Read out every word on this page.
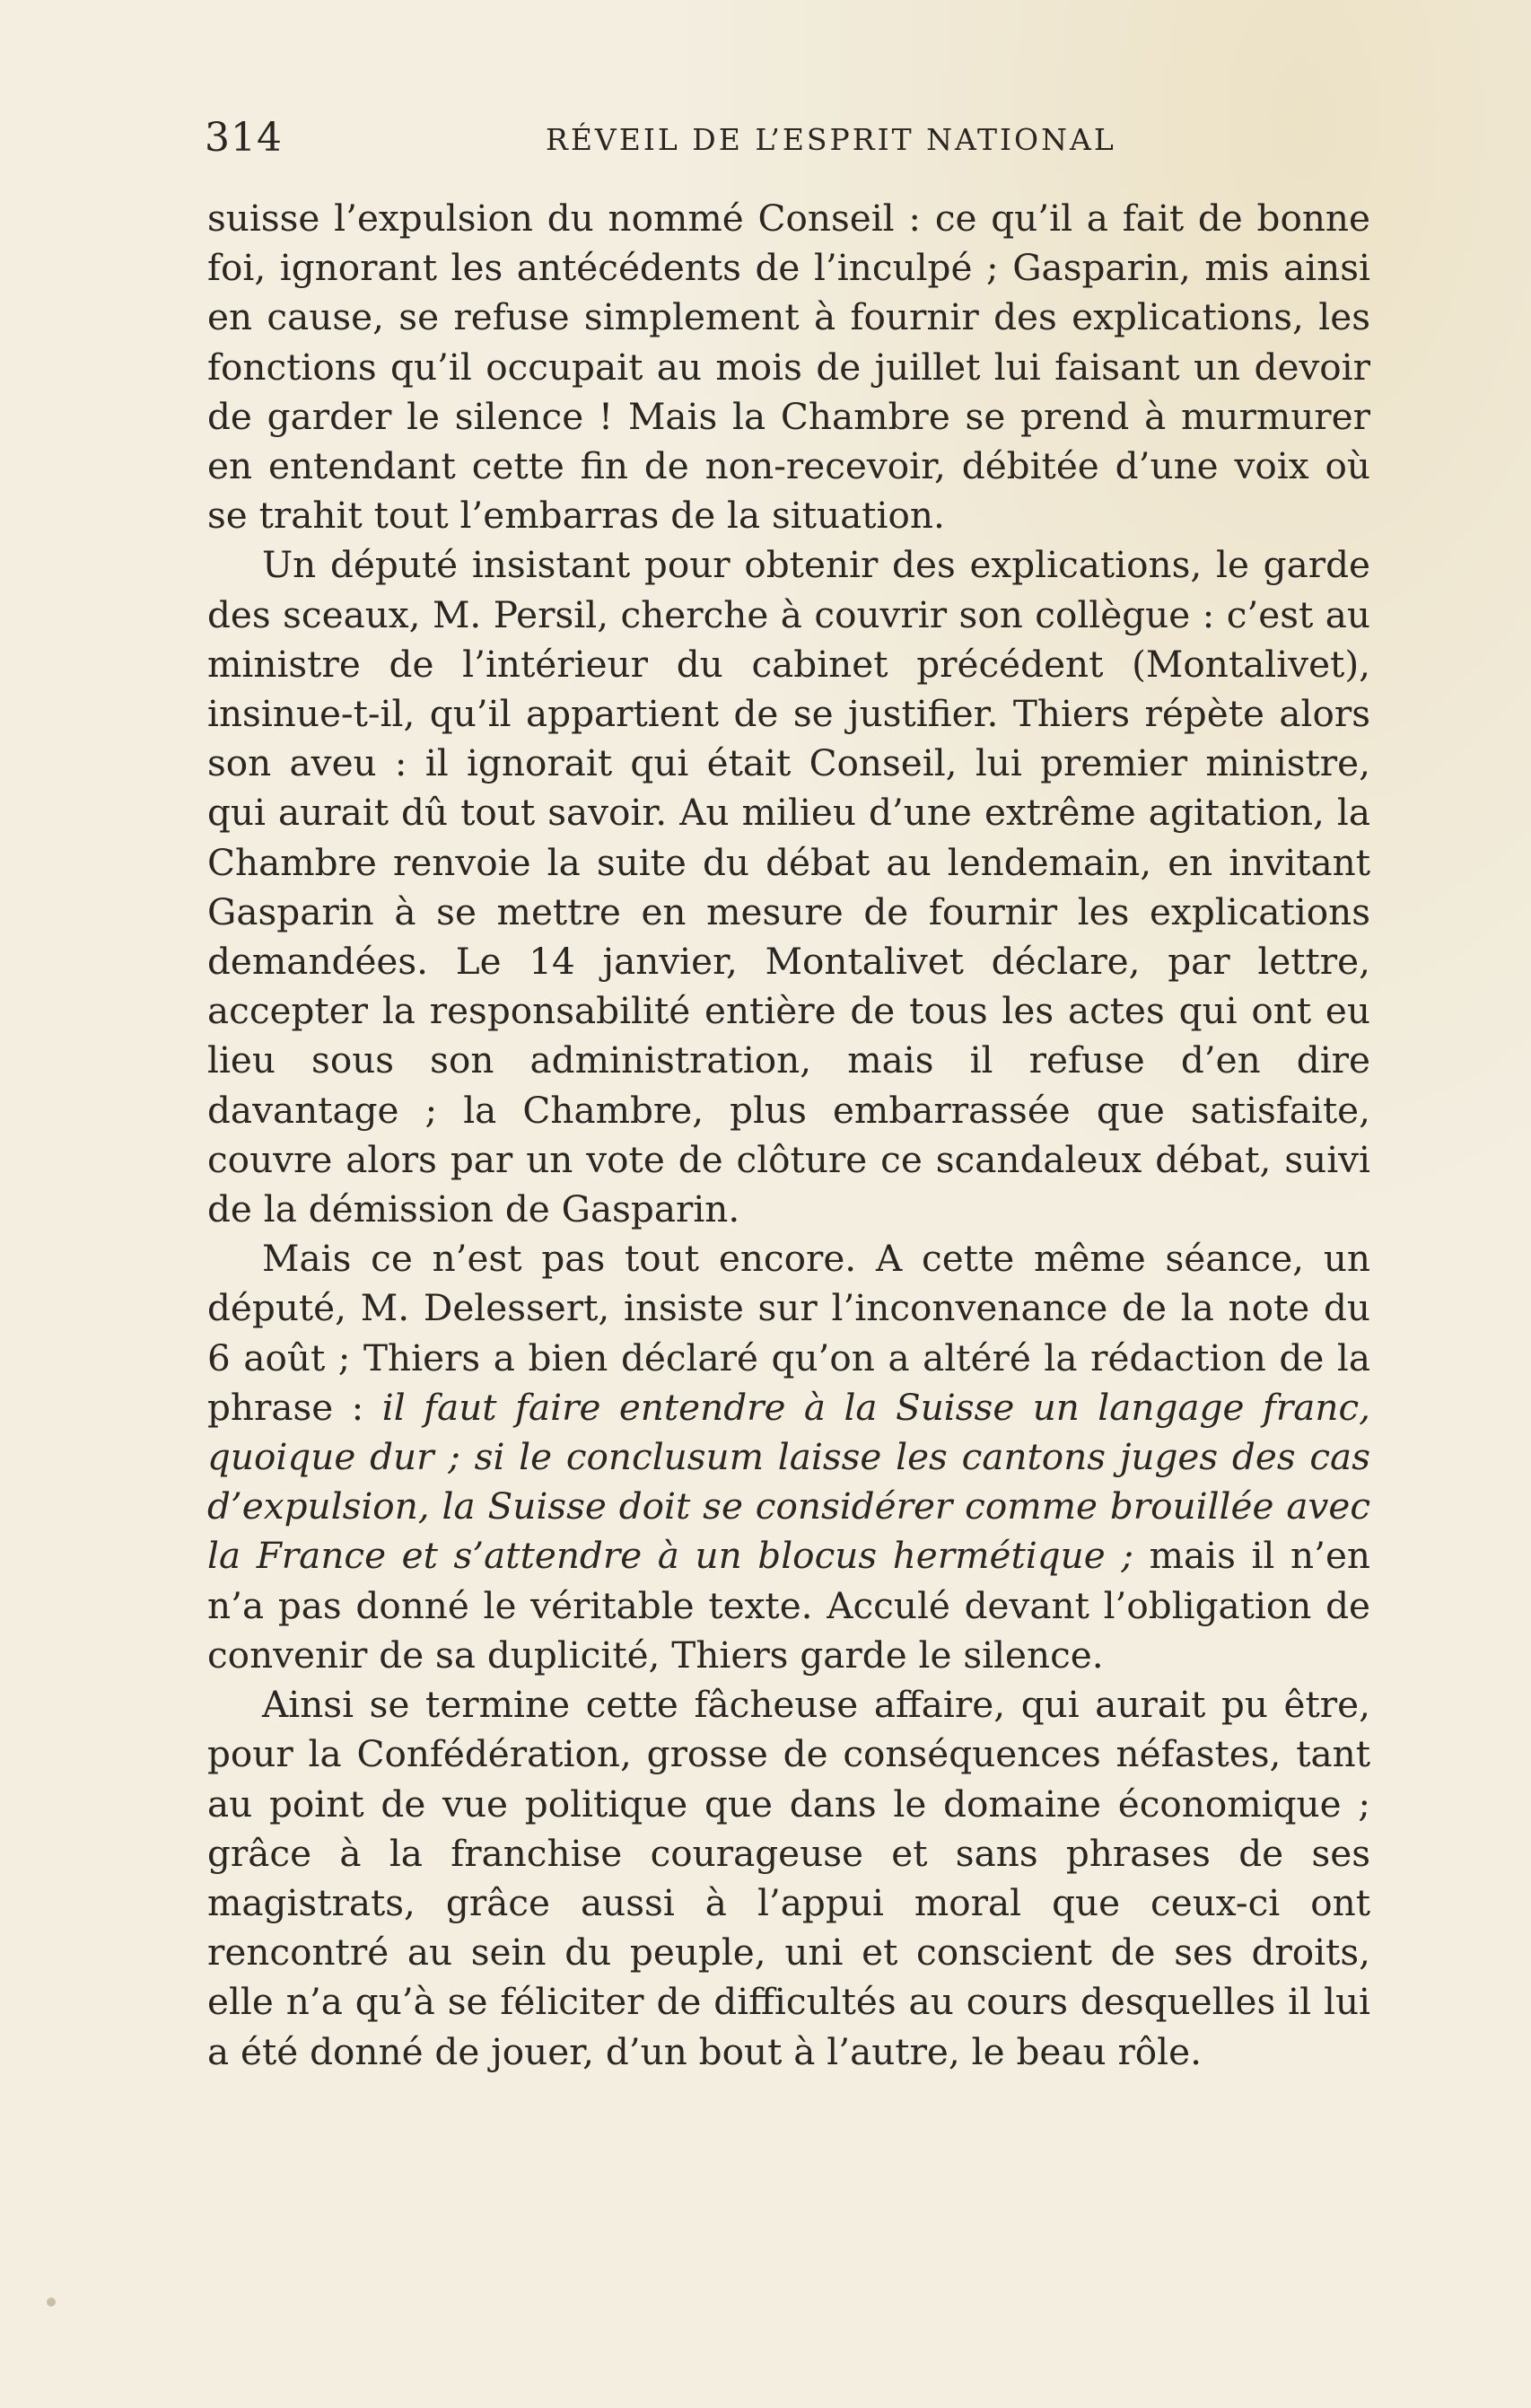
314	RÉVEIL DE L’ESPRIT NATIONAL

suisse l’expulsion du nommé Conseil : ce qu’il a fait de bonne foi, ignorant les antécédents de l’inculpé ; Gasparin, mis ainsi en cause, se refuse simplement à fournir des explications, les fonctions qu’il occupait au mois de juillet lui faisant un devoir de garder le silence ! Mais la Chambre se prend à murmurer en entendant cette fin de non-recevoir, débitée d’une voix où se trahit tout l’embarras de la situation.

Un député insistant pour obtenir des explications, le garde des sceaux, M. Persil, cherche à couvrir son collègue : c’est au ministre de l’intérieur du cabinet précédent (Montalivet), insinue-t-il, qu’il appartient de se justifier. Thiers répète alors son aveu : il ignorait qui était Conseil, lui premier ministre, qui aurait dû tout savoir. Au milieu d’une extrême agitation, la Chambre renvoie la suite du débat au lendemain, en invitant Gasparin à se mettre en mesure de fournir les explications demandées. Le 14 janvier, Montalivet déclare, par lettre, accepter la responsabilité entière de tous les actes qui ont eu lieu sous son administration, mais il refuse d’en dire davantage ; la Chambre, plus embarrassée que satisfaite, couvre alors par un vote de clôture ce scandaleux débat, suivi de la démission de Gasparin.

Mais ce n’est pas tout encore. A cette même séance, un député, M. Delessert, insiste sur l’inconvenance de la note du 6 août ; Thiers a bien déclaré qu’on a altéré la rédaction de la phrase : il faut faire entendre à la Suisse un langage franc, quoique dur ; si le conclusum laisse les cantons juges des cas d’expulsion, la Suisse doit se considérer comme brouillée avec la France et s’attendre à un blocus hermétique ; mais il n’en n’a pas donné le véritable texte. Acculé devant l’obligation de convenir de sa duplicité, Thiers garde le silence.

Ainsi se termine cette fâcheuse affaire, qui aurait pu être, pour la Confédération, grosse de conséquences néfastes, tant au point de vue politique que dans le domaine économique ; grâce à la franchise courageuse et sans phrases de ses magistrats, grâce aussi à l’appui moral que ceux-ci ont rencontré au sein du peuple, uni et conscient de ses droits, elle n’a qu’à se féliciter de difficultés au cours desquelles il lui a été donné de jouer, d’un bout à l’autre, le beau rôle.
